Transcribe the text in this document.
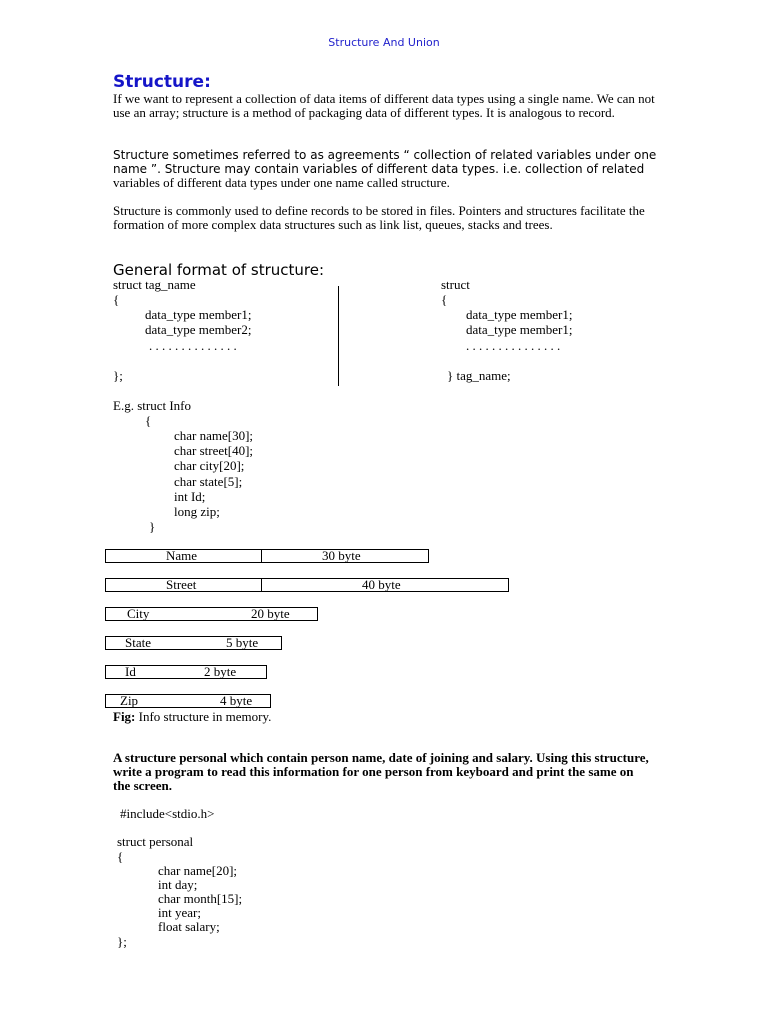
Structure And Union
Structure:
If we want to represent a collection of data items of different data types using a single name. We can not use an array; structure is a method of packaging data of different types. It is analogous to record.
Structure sometimes referred to as agreements “ collection of related variables under one
name ”. Structure may contain variables of different data types. i.e. collection of related
variables of different data types under one name called structure.
Structure is commonly used to define records to be stored in files. Pointers and structures facilitate the formation of more complex data structures such as link list, queues, stacks and trees.
General format of structure:
struct tag_name
{
data_type member1;
data_type member2;
. . . . . . . . . . . . . .
};
struct
{
data_type member1;
data_type member1;
. . . . . . . . . . . . . . .
} tag_name;
E.g. struct Info
{
char name[30];
char street[40];
char city[20];
char state[5];
int Id;
long zip;
}
Name	30 byte
Street	40 byte
City	20 byte
State	5 byte
Id	2 byte
Zip	4 byte
Fig: Info structure in memory.
A structure personal which contain person name, date of joining and salary. Using this structure, write a program to read this information for one person from keyboard and print the same on the screen.
#include<stdio.h>
struct personal
{
char name[20];
int day;
char month[15];
int year;
float salary;
};
